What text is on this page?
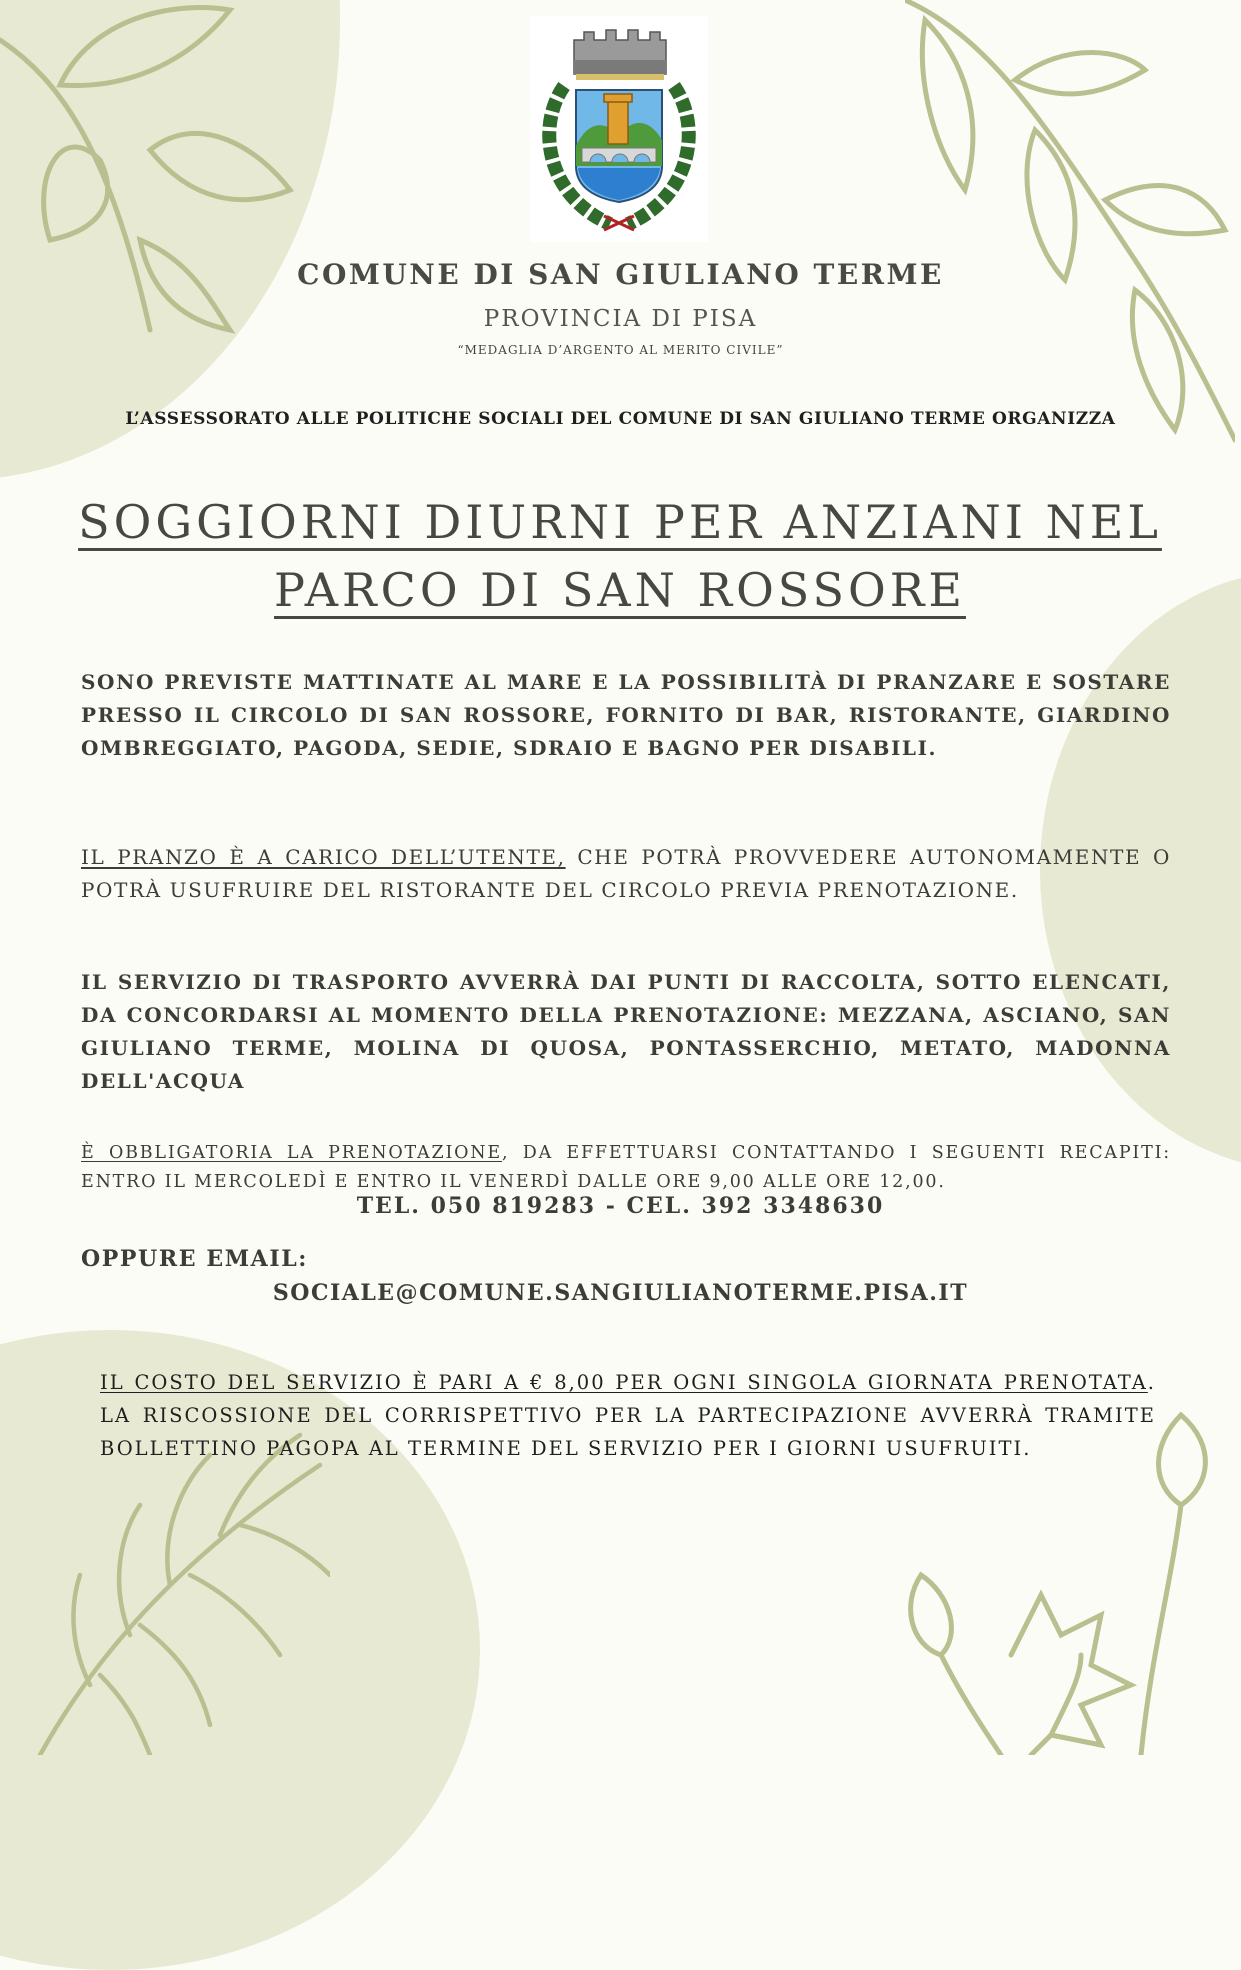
COMUNE DI SAN GIULIANO TERME

PROVINCIA DI PISA

“MEDAGLIA D’ARGENTO AL MERITO CIVILE”

L’ASSESSORATO ALLE POLITICHE SOCIALI DEL COMUNE DI SAN GIULIANO TERME ORGANIZZA

SOGGIORNI DIURNI PER ANZIANI NEL
PARCO DI SAN ROSSORE

SONO PREVISTE MATTINATE AL MARE E LA POSSIBILITÀ DI PRANZARE E SOSTARE PRESSO IL CIRCOLO DI SAN ROSSORE, FORNITO DI BAR, RISTORANTE, GIARDINO OMBREGGIATO, PAGODA, SEDIE, SDRAIO E BAGNO PER DISABILI.

IL PRANZO È A CARICO DELL’UTENTE, CHE POTRÀ PROVVEDERE AUTONOMAMENTE O POTRÀ USUFRUIRE DEL RISTORANTE DEL CIRCOLO PREVIA PRENOTAZIONE.

IL SERVIZIO DI TRASPORTO AVVERRÀ DAI PUNTI DI RACCOLTA, SOTTO ELENCATI, DA CONCORDARSI AL MOMENTO DELLA PRENOTAZIONE: MEZZANA, ASCIANO, SAN GIULIANO TERME, MOLINA DI QUOSA, PONTASSERCHIO, METATO, MADONNA DELL'ACQUA

È OBBLIGATORIA LA PRENOTAZIONE, DA EFFETTUARSI CONTATTANDO I SEGUENTI RECAPITI: ENTRO IL MERCOLEDÌ E ENTRO IL VENERDÌ DALLE ORE 9,00 ALLE ORE 12,00.

TEL. 050 819283 - CEL. 392 3348630

OPPURE EMAIL:

SOCIALE@COMUNE.SANGIULIANOTERME.PISA.IT

IL COSTO DEL SERVIZIO È PARI A € 8,00 PER OGNI SINGOLA GIORNATA PRENOTATA. LA RISCOSSIONE DEL CORRISPETTIVO PER LA PARTECIPAZIONE AVVERRÀ TRAMITE BOLLETTINO PAGOPA AL TERMINE DEL SERVIZIO PER I GIORNI USUFRUITI.
